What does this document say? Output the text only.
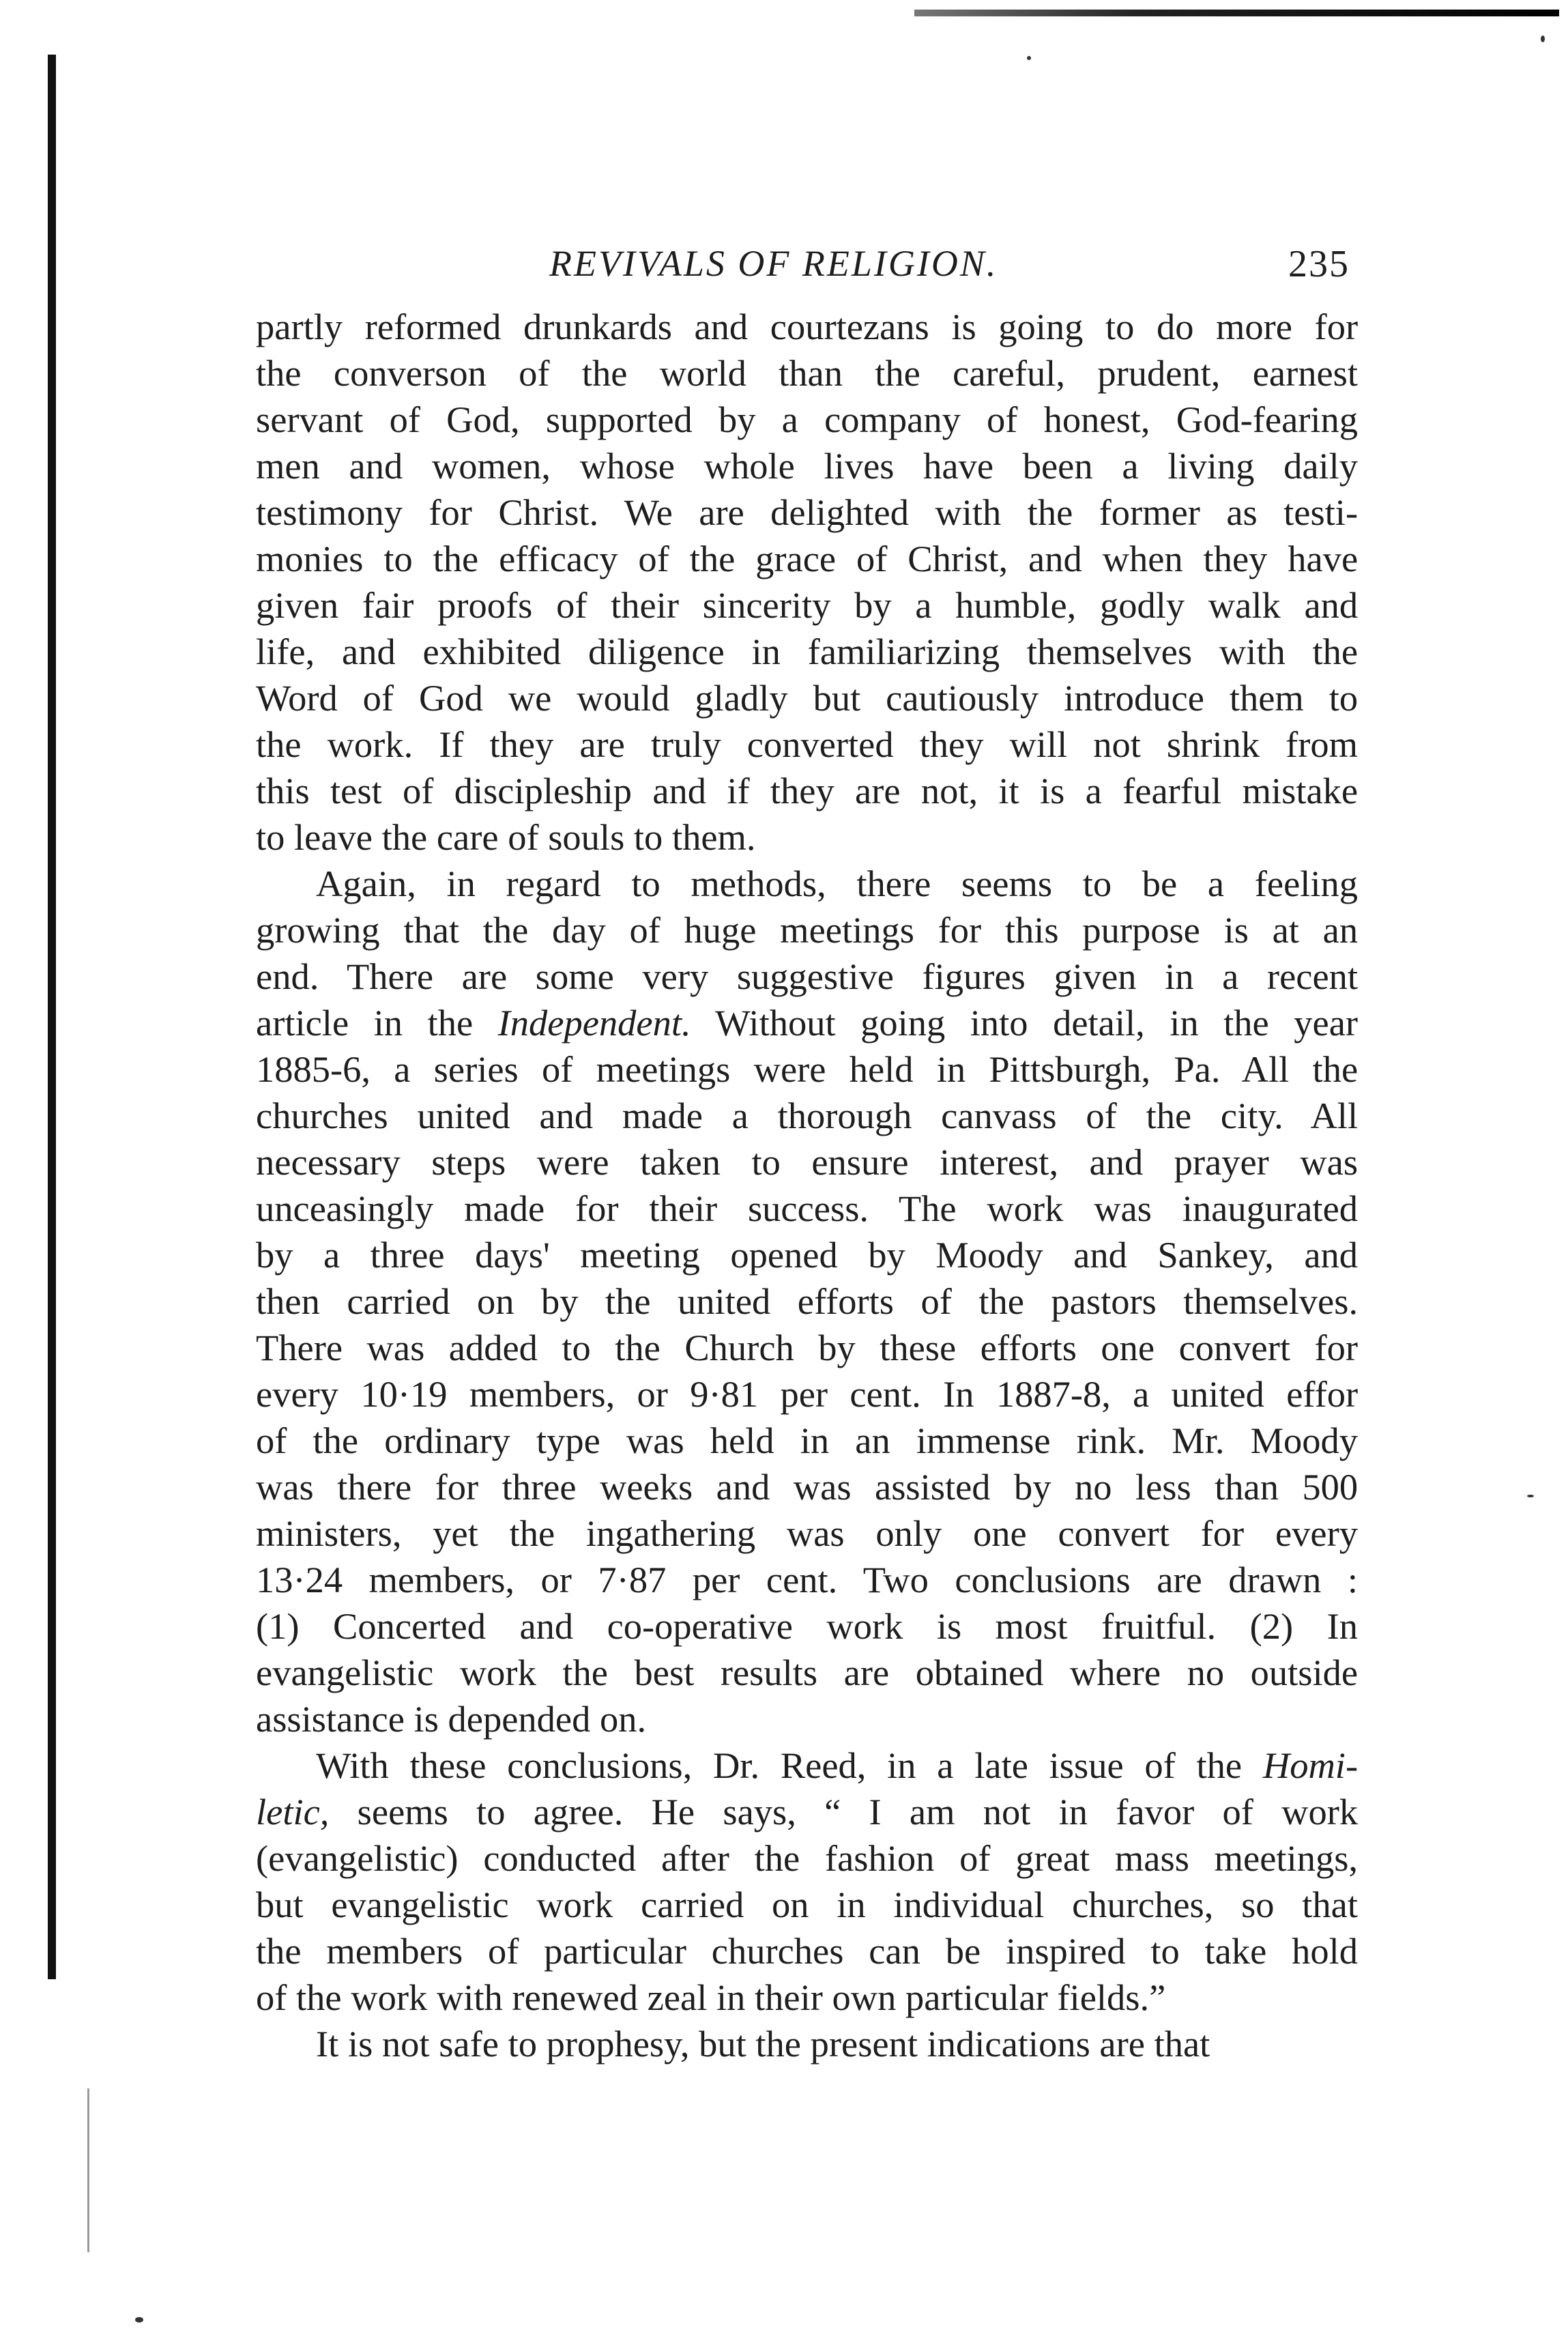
REVIVALS OF RELIGION.	235
partly reformed drunkards and courtezans is going to do more for
the converson of the world than the careful, prudent, earnest
servant of God, supported by a company of honest, God-fearing
men and women, whose whole lives have been a living daily
testimony for Christ. We are delighted with the former as testi-
monies to the efficacy of the grace of Christ, and when they have
given fair proofs of their sincerity by a humble, godly walk and
life, and exhibited diligence in familiarizing themselves with the
Word of God we would gladly but cautiously introduce them to
the work. If they are truly converted they will not shrink from
this test of discipleship and if they are not, it is a fearful mistake
to leave the care of souls to them.
Again, in regard to methods, there seems to be a feeling
growing that the day of huge meetings for this purpose is at an
end. There are some very suggestive figures given in a recent
article in the Independent. Without going into detail, in the year
1885-6, a series of meetings were held in Pittsburgh, Pa. All the
churches united and made a thorough canvass of the city. All
necessary steps were taken to ensure interest, and prayer was
unceasingly made for their success. The work was inaugurated
by a three days' meeting opened by Moody and Sankey, and
then carried on by the united efforts of the pastors themselves.
There was added to the Church by these efforts one convert for
every 10·19 members, or 9·81 per cent. In 1887-8, a united effor
of the ordinary type was held in an immense rink. Mr. Moody
was there for three weeks and was assisted by no less than 500
ministers, yet the ingathering was only one convert for every
13·24 members, or 7·87 per cent. Two conclusions are drawn :
(1) Concerted and co-operative work is most fruitful. (2) In
evangelistic work the best results are obtained where no outside
assistance is depended on.
With these conclusions, Dr. Reed, in a late issue of the Homi-
letic, seems to agree. He says, “ I am not in favor of work
(evangelistic) conducted after the fashion of great mass meetings,
but evangelistic work carried on in individual churches, so that
the members of particular churches can be inspired to take hold
of the work with renewed zeal in their own particular fields.”
It is not safe to prophesy, but the present indications are that
